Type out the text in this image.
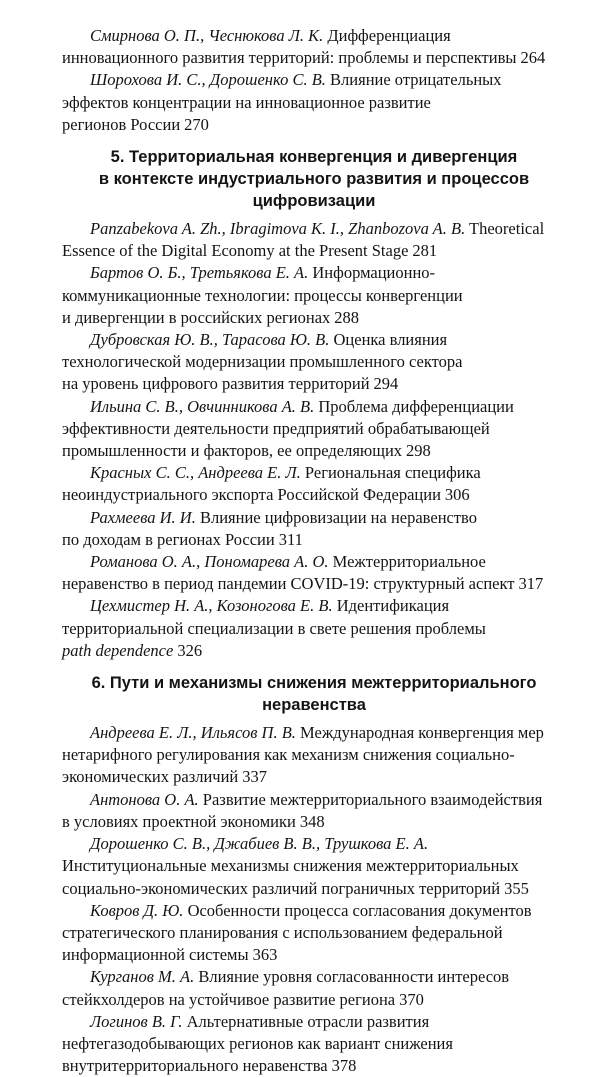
Смирнова О. П., Чеснюкова Л. К. Дифференциация
инновационного развития территорий: проблемы и перспективы 264
Шорохова И. С., Дорошенко С. В. Влияние отрицательных
эффектов концентрации на инновационное развитие
регионов России 270
5. Территориальная конвергенция и дивергенция
в контексте индустриального развития и процессов цифровизации
Panzabekova A. Zh., Ibragimova K. I., Zhanbozova A. B. Theoretical
Essence of the Digital Economy at the Present Stage 281
Бартов О. Б., Третьякова Е. А. Информационно-
коммуникационные технологии: процессы конвергенции
и дивергенции в российских регионах 288
Дубровская Ю. В., Тарасова Ю. В. Оценка влияния
технологической модернизации промышленного сектора
на уровень цифрового развития территорий 294
Ильина С. В., Овчинникова А. В. Проблема дифференциации
эффективности деятельности предприятий обрабатывающей
промышленности и факторов, ее определяющих 298
Красных С. С., Андреева Е. Л. Региональная специфика
неоиндустриального экспорта Российской Федерации 306
Рахмеева И. И. Влияние цифровизации на неравенство
по доходам в регионах России 311
Романова О. А., Пономарева А. О. Межтерриториальное
неравенство в период пандемии COVID-19: структурный аспект 317
Цехмистер Н. А., Козоногова Е. В. Идентификация
территориальной специализации в свете решения проблемы
path dependence 326
6. Пути и механизмы снижения межтерриториального неравенства
Андреева Е. Л., Ильясов П. В. Международная конвергенция мер
нетарифного регулирования как механизм снижения социально-
экономических различий 337
Антонова О. А. Развитие межтерриториального взаимодействия
в условиях проектной экономики 348
Дорошенко С. В., Джабиев В. В., Трушкова Е. А.
Институциональные механизмы снижения межтерриториальных
социально-экономических различий пограничных территорий 355
Ковров Д. Ю. Особенности процесса согласования документов
стратегического планирования с использованием федеральной
информационной системы 363
Курганов М. А. Влияние уровня согласованности интересов
стейкхолдеров на устойчивое развитие региона 370
Логинов В. Г. Альтернативные отрасли развития
нефтегазодобывающих регионов как вариант снижения
внутритерриториального неравенства 378
